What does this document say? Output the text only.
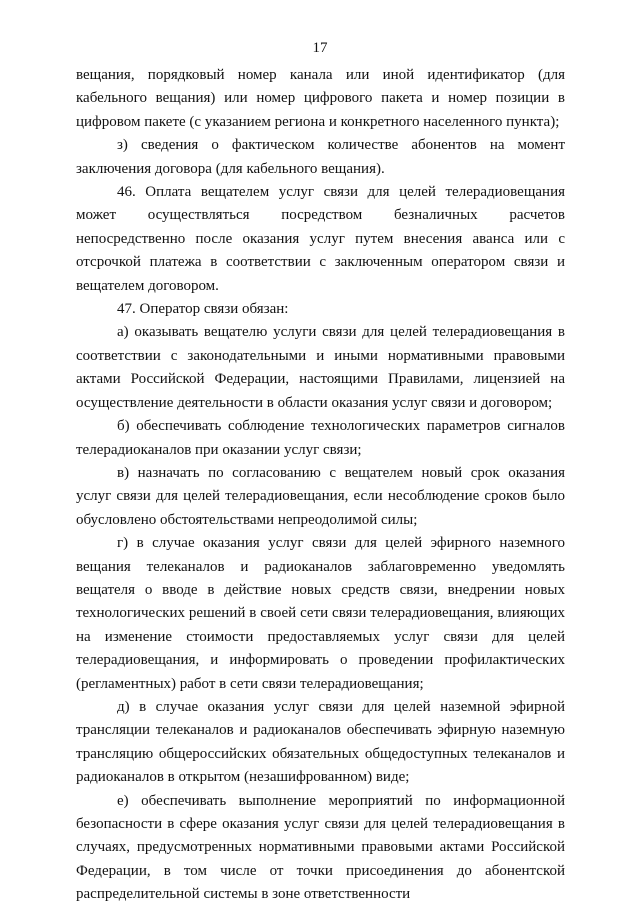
17

вещания, порядковый номер канала или иной идентификатор (для кабельного вещания) или номер цифрового пакета и номер позиции в цифровом пакете (с указанием региона и конкретного населенного пункта);

з) сведения о фактическом количестве абонентов на момент заключения договора (для кабельного вещания).

46. Оплата вещателем услуг связи для целей телерадиовещания может осуществляться посредством безналичных расчетов непосредственно после оказания услуг путем внесения аванса или с отсрочкой платежа в соответствии с заключенным оператором связи и вещателем договором.

47. Оператор связи обязан:

а) оказывать вещателю услуги связи для целей телерадиовещания в соответствии с законодательными и иными нормативными правовыми актами Российской Федерации, настоящими Правилами, лицензией на осуществление деятельности в области оказания услуг связи и договором;

б) обеспечивать соблюдение технологических параметров сигналов телерадиоканалов при оказании услуг связи;

в) назначать по согласованию с вещателем новый срок оказания услуг связи для целей телерадиовещания, если несоблюдение сроков было обусловлено обстоятельствами непреодолимой силы;

г) в случае оказания услуг связи для целей эфирного наземного вещания телеканалов и радиоканалов заблаговременно уведомлять вещателя о вводе в действие новых средств связи, внедрении новых технологических решений в своей сети связи телерадиовещания, влияющих на изменение стоимости предоставляемых услуг связи для целей телерадиовещания, и информировать о проведении профилактических (регламентных) работ в сети связи телерадиовещания;

д) в случае оказания услуг связи для целей наземной эфирной трансляции телеканалов и радиоканалов обеспечивать эфирную наземную трансляцию общероссийских обязательных общедоступных телеканалов и радиоканалов в открытом (незашифрованном) виде;

е) обеспечивать выполнение мероприятий по информационной безопасности в сфере оказания услуг связи для целей телерадиовещания в случаях, предусмотренных нормативными правовыми актами Российской Федерации, в том числе от точки присоединения до абонентской распределительной системы в зоне ответственности
